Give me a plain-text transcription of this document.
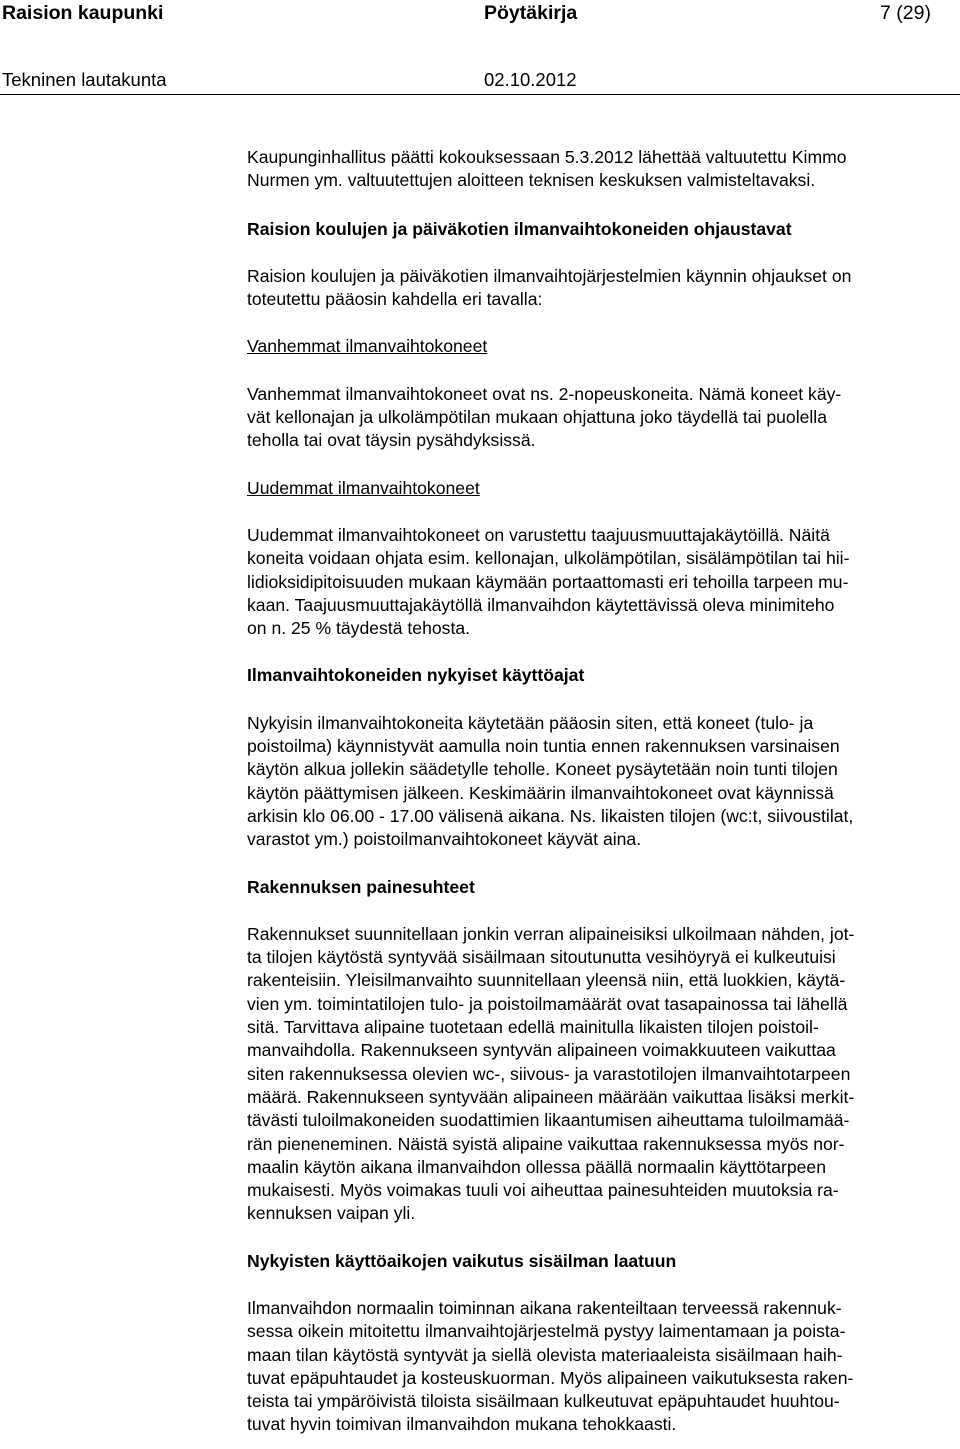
Raision kaupunki	Pöytäkirja	7 (29)
Tekninen lautakunta	02.10.2012

Kaupunginhallitus päätti kokouksessaan 5.3.2012 lähettää valtuutettu Kimmo
Nurmen ym. valtuutettujen aloitteen teknisen keskuksen valmisteltavaksi.

Raision koulujen ja päiväkotien ilmanvaihtokoneiden ohjaustavat

Raision koulujen ja päiväkotien ilmanvaihtojärjestelmien käynnin ohjaukset on
toteutettu pääosin kahdella eri tavalla:

Vanhemmat ilmanvaihtokoneet

Vanhemmat ilmanvaihtokoneet ovat ns. 2-nopeuskoneita. Nämä koneet käy-
vät kellonajan ja ulkolämpötilan mukaan ohjattuna joko täydellä tai puolella
teholla tai ovat täysin pysähdyksissä.

Uudemmat ilmanvaihtokoneet

Uudemmat ilmanvaihtokoneet on varustettu taajuusmuuttajakäytöillä. Näitä
koneita voidaan ohjata esim. kellonajan, ulkolämpötilan, sisälämpötilan tai hii-
lidioksidipitoisuuden mukaan käymään portaattomasti eri tehoilla tarpeen mu-
kaan. Taajuusmuuttajakäytöllä ilmanvaihdon käytettävissä oleva minimiteho
on n. 25 % täydestä tehosta.

Ilmanvaihtokoneiden nykyiset käyttöajat

Nykyisin ilmanvaihtokoneita käytetään pääosin siten, että koneet (tulo- ja
poistoilma) käynnistyvät aamulla noin tuntia ennen rakennuksen varsinaisen
käytön alkua jollekin säädetylle teholle. Koneet pysäytetään noin tunti tilojen
käytön päättymisen jälkeen. Keskimäärin ilmanvaihtokoneet ovat käynnissä
arkisin klo 06.00 - 17.00 välisenä aikana. Ns. likaisten tilojen (wc:t, siivoustilat,
varastot ym.) poistoilmanvaihtokoneet käyvät aina.

Rakennuksen painesuhteet

Rakennukset suunnitellaan jonkin verran alipaineisiksi ulkoilmaan nähden, jot-
ta tilojen käytöstä syntyvää sisäilmaan sitoutunutta vesihöyryä ei kulkeutuisi
rakenteisiin. Yleisilmanvaihto suunnitellaan yleensä niin, että luokkien, käytä-
vien ym. toimintatilojen tulo- ja poistoilmamäärät ovat tasapainossa tai lähellä
sitä. Tarvittava alipaine tuotetaan edellä mainitulla likaisten tilojen poistoil-
manvaihdolla. Rakennukseen syntyvän alipaineen voimakkuuteen vaikuttaa
siten rakennuksessa olevien wc-, siivous- ja varastotilojen ilmanvaihtotarpeen
määrä. Rakennukseen syntyvään alipaineen määrään vaikuttaa lisäksi merkit-
tävästi tuloilmakoneiden suodattimien likaantumisen aiheuttama tuloilmamää-
rän pieneneminen. Näistä syistä alipaine vaikuttaa rakennuksessa myös nor-
maalin käytön aikana ilmanvaihdon ollessa päällä normaalin käyttötarpeen
mukaisesti. Myös voimakas tuuli voi aiheuttaa painesuhteiden muutoksia ra-
kennuksen vaipan yli.

Nykyisten käyttöaikojen vaikutus sisäilman laatuun

Ilmanvaihdon normaalin toiminnan aikana rakenteiltaan terveessä rakennuk-
sessa oikein mitoitettu ilmanvaihtojärjestelmä pystyy laimentamaan ja poista-
maan tilan käytöstä syntyvät ja siellä olevista materiaaleista sisäilmaan haih-
tuvat epäpuhtaudet ja kosteuskuorman. Myös alipaineen vaikutuksesta raken-
teista tai ympäröivistä tiloista sisäilmaan kulkeutuvat epäpuhtaudet huuhtou-
tuvat hyvin toimivan ilmanvaihdon mukana tehokkaasti.
